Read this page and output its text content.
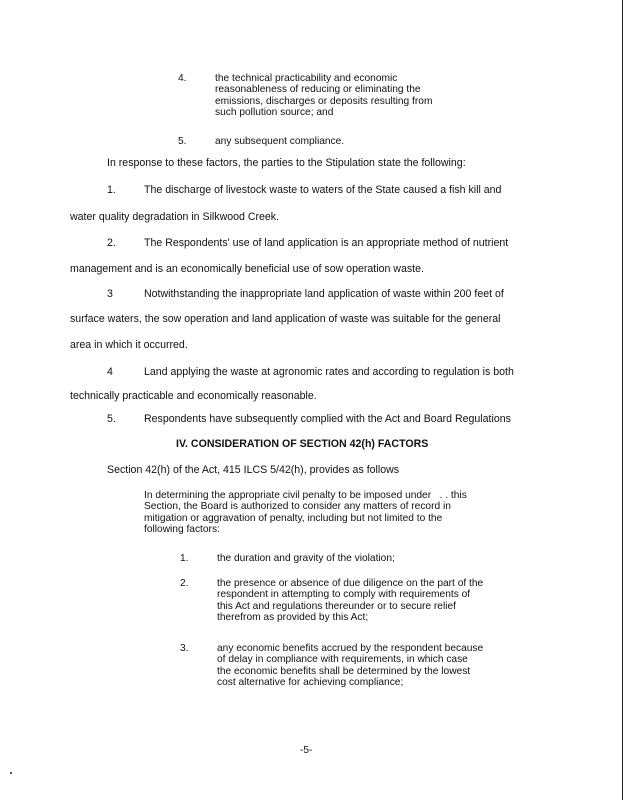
4.	the technical practicability and economic
reasonableness of reducing or eliminating the
emissions, discharges or deposits resulting from
such pollution source; and

5.	any subsequent compliance.

In response to these factors, the parties to the Stipulation state the following:

1.	The discharge of livestock waste to waters of the State caused a fish kill and

water quality degradation in Silkwood Creek.

2.	The Respondents' use of land application is an appropriate method of nutrient

management and is an economically beneficial use of sow operation waste.

3	Notwithstanding the inappropriate land application of waste within 200 feet of

surface waters, the sow operation and land application of waste was suitable for the general

area in which it occurred.

4	Land applying the waste at agronomic rates and according to regulation is both

technically practicable and economically reasonable.

5.	Respondents have subsequently complied with the Act and Board Regulations

IV. CONSIDERATION OF SECTION 42(h) FACTORS

Section 42(h) of the Act, 415 ILCS 5/42(h), provides as follows

In determining the appropriate civil penalty to be imposed under   . . this
Section, the Board is authorized to consider any matters of record in
mitigation or aggravation of penalty, including but not limited to the
following factors:

1.	the duration and gravity of the violation;

2.	the presence or absence of due diligence on the part of the
respondent in attempting to comply with requirements of
this Act and regulations thereunder or to secure relief
therefrom as provided by this Act;

3.	any economic benefits accrued by the respondent because
of delay in compliance with requirements, in which case
the economic benefits shall be determined by the lowest
cost alternative for achieving compliance;

-5-
